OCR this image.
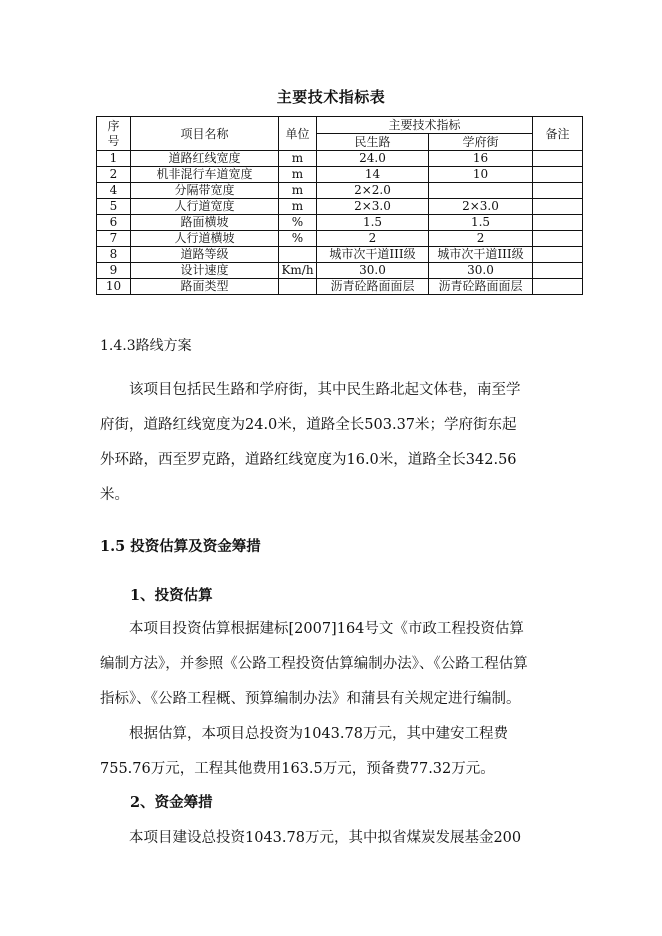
主要技术指标表
序号	项目名称	单位	主要技术指标		备注
			民生路	学府街	
1	道路红线宽度	m	24.0	16	
2	机非混行车道宽度	m	14	10	
4	分隔带宽度	m	2×2.0		
5	人行道宽度	m	2×3.0	2×3.0	
6	路面横坡	%	1.5	1.5	
7	人行道横坡	%	2	2	
8	道路等级		城市次干道III级	城市次干道III级	
9	设计速度	Km/h	30.0	30.0	
10	路面类型		沥青砼路面面层	沥青砼路面面层	
1.4.3路线方案
该项目包括民生路和学府街，其中民生路北起文体巷，南至学
府街，道路红线宽度为24.0米，道路全长503.37米；学府街东起
外环路，西至罗克路，道路红线宽度为16.0米，道路全长342.56
米。
1.5 投资估算及资金筹措
1、投资估算
本项目投资估算根据建标[2007]164号文《市政工程投资估算
编制方法》，并参照《公路工程投资估算编制办法》、《公路工程估算
指标》、《公路工程概、预算编制办法》和蒲县有关规定进行编制。
根据估算，本项目总投资为1043.78万元，其中建安工程费
755.76万元，工程其他费用163.5万元，预备费77.32万元。
2、资金筹措
本项目建设总投资1043.78万元，其中拟省煤炭发展基金200
